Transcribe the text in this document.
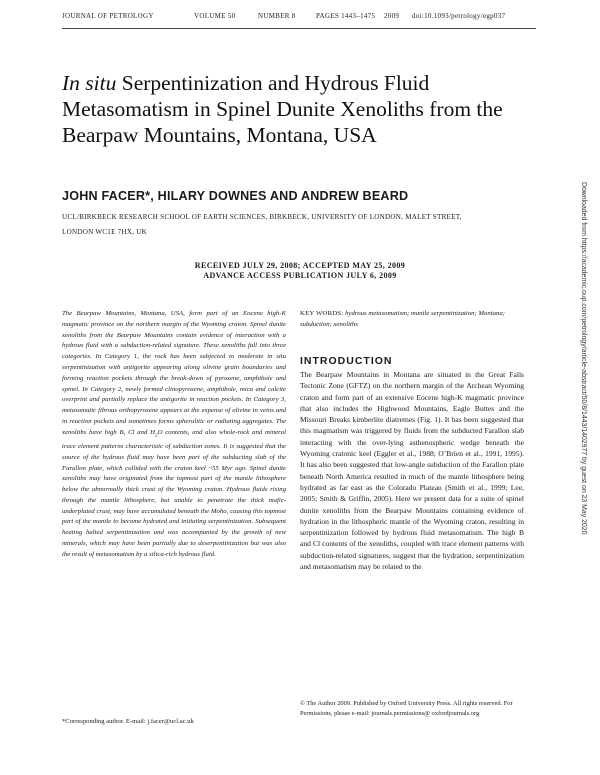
JOURNAL OF PETROLOGY	VOLUME 50	NUMBER 8	PAGES 1443–1475 2009 doi:10.1093/petrology/egp037
In situ Serpentinization and Hydrous Fluid Metasomatism in Spinel Dunite Xenoliths from the Bearpaw Mountains, Montana, USA
JOHN FACER*, HILARY DOWNES AND ANDREW BEARD
UCL/BIRKBECK RESEARCH SCHOOL OF EARTH SCIENCES, BIRKBECK, UNIVERSITY OF LONDON, MALET STREET,
LONDON WC1E 7HX, UK
RECEIVED JULY 29, 2008; ACCEPTED MAY 25, 2009
ADVANCE ACCESS PUBLICATION JULY 6, 2009
The Bearpaw Mountains, Montana, USA, form part of an Eocene high-K magmatic province on the northern margin of the Wyoming craton. Spinel dunite xenoliths from the Bearpaw Mountains contain evidence of interaction with a hydrous fluid with a subduction-related signature. These xenoliths fall into three categories. In Category 1, the rock has been subjected to moderate in situ serpentinization with antigorite appearing along olivine grain boundaries and forming reaction pockets through the break-down of pyroxene, amphibole and spinel. In Category 2, newly formed clinopyroxene, amphibole, mica and calcite overprint and partially replace the antigorite in reaction pockets. In Category 3, metasomatic fibrous orthopyroxene appears at the expense of olivine in veins and in reaction pockets and sometimes forms spherulitic or radiating aggregates. The xenoliths have high B, Cl and $H_2O$ contents, and also whole-rock and mineral trace element patterns characteristic of subduction zones. It is suggested that the source of the hydrous fluid may have been part of the subducting slab of the Farallon plate, which collided with the craton keel ~55 Myr ago. Spinel dunite xenoliths may have originated from the topmost part of the mantle lithosphere below the abnormally thick crust of the Wyoming craton. Hydrous fluids rising through the mantle lithosphere, but unable to penetrate the thick mafic-underplated crust, may have accumulated beneath the Moho, causing this topmost part of the mantle to become hydrated and initiating serpentinization. Subsequent heating halted serpentinization and was accompanied by the growth of new minerals, which may have been partially due to deserpentinization but was also the result of metasomatism by a silica-rich hydrous fluid.
KEY WORDS: hydrous metasomatism; mantle serpentinization; Montana; subduction; xenoliths
INTRODUCTION
The Bearpaw Mountains in Montana are situated in the Great Falls Tectonic Zone (GFTZ) on the northern margin of the Archean Wyoming craton and form part of an extensive Eocene high-K magmatic province that also includes the Highwood Mountains, Eagle Buttes and the Missouri Breaks kimberlite diatremes (Fig. 1). It has been suggested that this magmatism was triggered by fluids from the subducted Farallon slab interacting with the over-lying asthenospheric wedge beneath the Wyoming cratonic keel (Eggler et al., 1988; O’Brien et al., 1991, 1995). It has also been suggested that low-angle subduction of the Farallon plate beneath North America resulted in much of the mantle lithosphere being hydrated as far east as the Colorado Plateau (Smith et al., 1999; Lee, 2005; Smith & Griffin, 2005). Here we present data for a suite of spinel dunite xenoliths from the Bearpaw Mountains containing evidence of hydration in the lithospheric mantle of the Wyoming craton, resulting in serpentinization followed by hydrous fluid metasomatism. The high B and Cl contents of the xenoliths, coupled with trace element patterns with subduction-related signatures, suggest that the hydration, serpentinization and metasomatism may be related to the
© The Author 2009. Published by Oxford University Press. All rights reserved. For Permissions, please e-mail: journals.permissions@ oxfordjournals.org
*Corresponding author. E-mail: j.facer@ucl.ac.uk
Downloaded from https://academic.oup.com/petrology/article-abstract/50/8/1443/1402977 by guest on 23 May 2020
